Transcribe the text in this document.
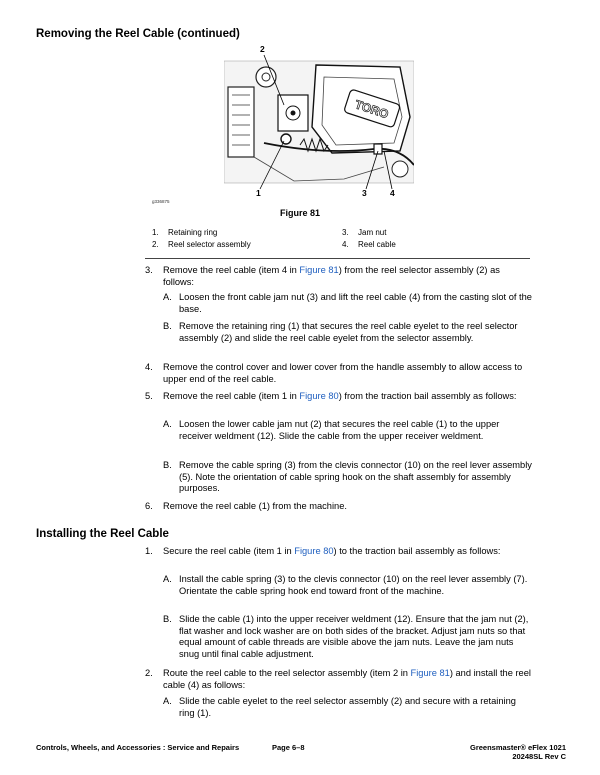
Removing the Reel Cable (continued)
TORO
2
1	3	4
g336875
Figure 81
1. Retaining ring
2. Reel selector assembly
3. Jam nut
4. Reel cable
3. Remove the reel cable (item 4 in Figure 81) from the reel selector assembly (2) as follows:
A. Loosen the front cable jam nut (3) and lift the reel cable (4) from the casting slot of the base.
B. Remove the retaining ring (1) that secures the reel cable eyelet to the reel selector assembly (2) and slide the reel cable eyelet from the selector assembly.
4. Remove the control cover and lower cover from the handle assembly to allow access to upper end of the reel cable.
5. Remove the reel cable (item 1 in Figure 80) from the traction bail assembly as follows:
A. Loosen the lower cable jam nut (2) that secures the reel cable (1) to the upper receiver weldment (12). Slide the cable from the upper receiver weldment.
B. Remove the cable spring (3) from the clevis connector (10) on the reel lever assembly (5). Note the orientation of cable spring hook on the shaft assembly for assembly purposes.
6. Remove the reel cable (1) from the machine.
Installing the Reel Cable
1. Secure the reel cable (item 1 in Figure 80) to the traction bail assembly as follows:
A. Install the cable spring (3) to the clevis connector (10) on the reel lever assembly (7). Orientate the cable spring hook end toward front of the machine.
B. Slide the cable (1) into the upper receiver weldment (12). Ensure that the jam nut (2), flat washer and lock washer are on both sides of the bracket. Adjust jam nuts so that equal amount of cable threads are visible above the jam nuts. Leave the jam nuts snug until final cable adjustment.
2. Route the reel cable to the reel selector assembly (item 2 in Figure 81) and install the reel cable (4) as follows:
A. Slide the cable eyelet to the reel selector assembly (2) and secure with a retaining ring (1).
Controls, Wheels, and Accessories : Service and Repairs	Page 6–8	Greensmaster® eFlex 1021
20248SL Rev C
